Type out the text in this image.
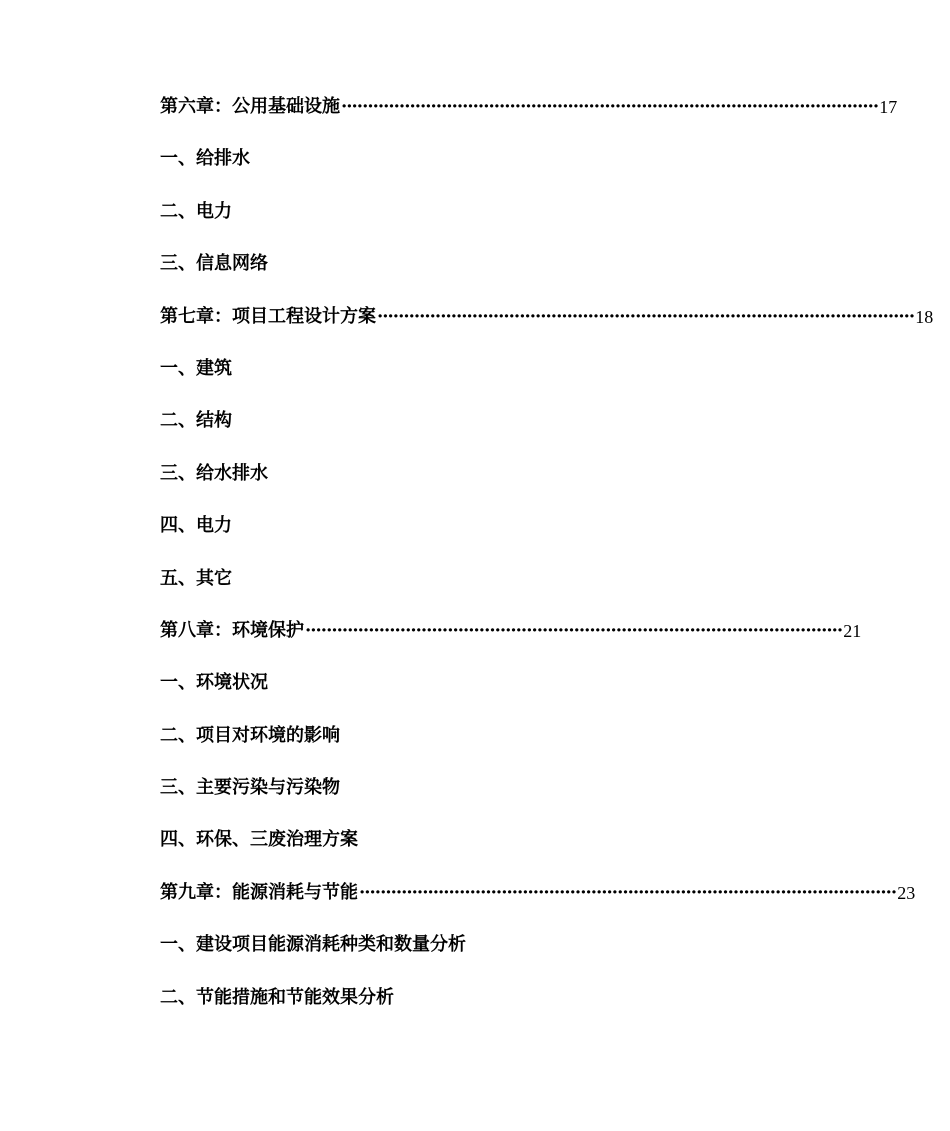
第六章：公用基础设施 ······································································································ 17
一、给排水
二、电力
三、信息网络
第七章：项目工程设计方案 ······································································································ 18
一、建筑
二、结构
三、给水排水
四、电力
五、其它
第八章：环境保护 ······································································································ 21
一、环境状况
二、项目对环境的影响
三、主要污染与污染物
四、环保、三废治理方案
第九章：能源消耗与节能 ······································································································ 23
一、建设项目能源消耗种类和数量分析
二、节能措施和节能效果分析
